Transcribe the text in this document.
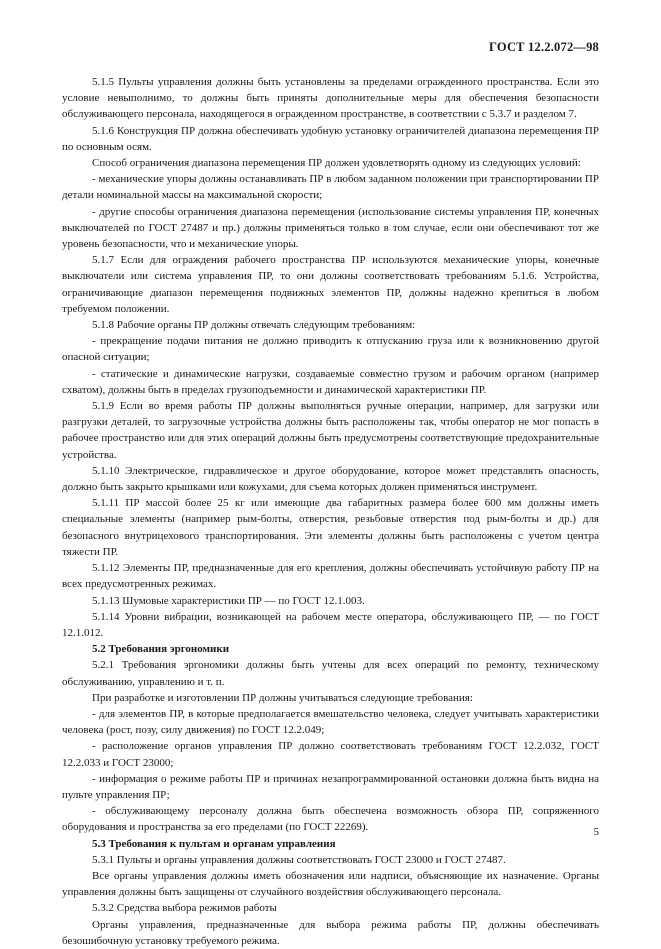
ГОСТ 12.2.072—98

5.1.5 Пульты управления должны быть установлены за пределами огражденного пространства. Если это условие невыполнимо, то должны быть приняты дополнительные меры для обеспечения безопасности обслуживающего персонала, находящегося в огражденном пространстве, в соответствии с 5.3.7 и разделом 7.

5.1.6 Конструкция ПР должна обеспечивать удобную установку ограничителей диапазона перемещения ПР по основным осям.

Способ ограничения диапазона перемещения ПР должен удовлетворять одному из следующих условий:

- механические упоры должны останавливать ПР в любом заданном положении при транспортировании ПР детали номинальной массы на максимальной скорости;

- другие способы ограничения диапазона перемещения (использование системы управления ПР, конечных выключателей по ГОСТ 27487 и пр.) должны применяться только в том случае, если они обеспечивают тот же уровень безопасности, что и механические упоры.

5.1.7 Если для ограждения рабочего пространства ПР используются механические упоры, конечные выключатели или система управления ПР, то они должны соответствовать требованиям 5.1.6. Устройства, ограничивающие диапазон перемещения подвижных элементов ПР, должны надежно крепиться в любом требуемом положении.

5.1.8 Рабочие органы ПР должны отвечать следующим требованиям:

- прекращение подачи питания не должно приводить к отпусканию груза или к возникновению другой опасной ситуации;

- статические и динамические нагрузки, создаваемые совместно грузом и рабочим органом (например схватом), должны быть в пределах грузоподъемности и динамической характеристики ПР.

5.1.9 Если во время работы ПР должны выполняться ручные операции, например, для загрузки или разгрузки деталей, то загрузочные устройства должны быть расположены так, чтобы оператор не мог попасть в рабочее пространство или для этих операций должны быть предусмотрены соответствующие предохранительные устройства.

5.1.10 Электрическое, гидравлическое и другое оборудование, которое может представлять опасность, должно быть закрыто крышками или кожухами, для съема которых должен применяться инструмент.

5.1.11 ПР массой более 25 кг или имеющие два габаритных размера более 600 мм должны иметь специальные элементы (например рым-болты, отверстия, резьбовые отверстия под рым-болты и др.) для безопасного внутрицехового транспортирования. Эти элементы должны быть расположены с учетом центра тяжести ПР.

5.1.12 Элементы ПР, предназначенные для его крепления, должны обеспечивать устойчивую работу ПР на всех предусмотренных режимах.

5.1.13 Шумовые характеристики ПР — по ГОСТ 12.1.003.

5.1.14 Уровни вибрации, возникающей на рабочем месте оператора, обслуживающего ПР, — по ГОСТ 12.1.012.

5.2 Требования эргономики

5.2.1 Требования эргономики должны быть учтены для всех операций по ремонту, техническому обслуживанию, управлению и т. п.

При разработке и изготовлении ПР должны учитываться следующие требования:

- для элементов ПР, в которые предполагается вмешательство человека, следует учитывать характеристики человека (рост, позу, силу движения) по ГОСТ 12.2.049;

- расположение органов управления ПР должно соответствовать требованиям ГОСТ 12.2.032, ГОСТ 12.2.033 и ГОСТ 23000;

- информация о режиме работы ПР и причинах незапрограммированной остановки должна быть видна на пульте управления ПР;

- обслуживающему персоналу должна быть обеспечена возможность обзора ПР, сопряженного оборудования и пространства за его пределами (по ГОСТ 22269).

5.3 Требования к пультам и органам управления

5.3.1 Пульты и органы управления должны соответствовать ГОСТ 23000 и ГОСТ 27487.

Все органы управления должны иметь обозначения или надписи, объясняющие их назначение. Органы управления должны быть защищены от случайного воздействия обслуживающего персонала.

5.3.2 Средства выбора режимов работы

Органы управления, предназначенные для выбора режима работы ПР, должны обеспечивать безошибочную установку требуемого режима.

5
